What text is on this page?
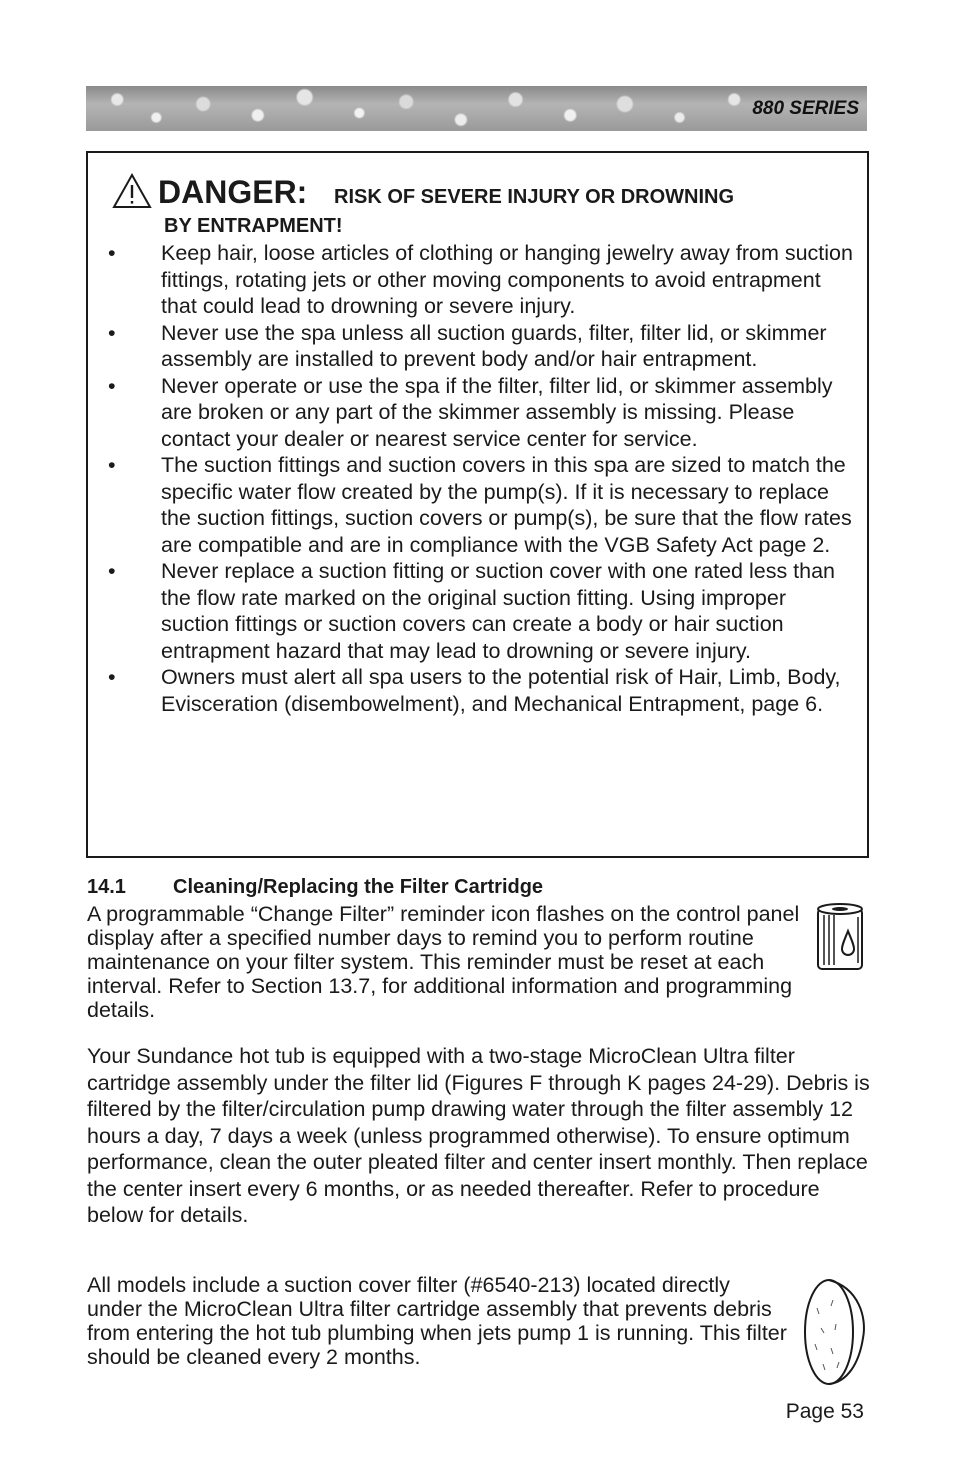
880 SERIES
DANGER: RISK OF SEVERE INJURY OR DROWNING
BY ENTRAPMENT!
• Keep hair, loose articles of clothing or hanging jewelry away from suction fittings, rotating jets or other moving components to avoid entrapment that could lead to drowning or severe injury.
• Never use the spa unless all suction guards, filter, filter lid, or skimmer assembly are installed to prevent body and/or hair entrapment.
• Never operate or use the spa if the filter, filter lid, or skimmer assembly are broken or any part of the skimmer assembly is missing. Please contact your dealer or nearest service center for service.
• The suction fittings and suction covers in this spa are sized to match the specific water flow created by the pump(s). If it is necessary to replace the suction fittings, suction covers or pump(s), be sure that the flow rates are compatible and are in compliance with the VGB Safety Act page 2.
• Never replace a suction fitting or suction cover with one rated less than the flow rate marked on the original suction fitting. Using improper suction fittings or suction covers can create a body or hair suction entrapment hazard that may lead to drowning or severe injury.
• Owners must alert all spa users to the potential risk of Hair, Limb, Body, Evisceration (disembowelment), and Mechanical Entrapment, page 6.
14.1 Cleaning/Replacing the Filter Cartridge

A programmable “Change Filter” reminder icon flashes on the control panel display after a specified number days to remind you to perform routine maintenance on your filter system. This reminder must be reset at each interval. Refer to Section 13.7, for additional information and programming details.

Your Sundance hot tub is equipped with a two-stage MicroClean Ultra filter cartridge assembly under the filter lid (Figures F through K pages 24-29). Debris is filtered by the filter/circulation pump drawing water through the filter assembly 12 hours a day, 7 days a week (unless programmed otherwise). To ensure optimum performance, clean the outer pleated filter and center insert monthly. Then replace the center insert every 6 months, or as needed thereafter. Refer to procedure below for details.

All models include a suction cover filter (#6540-213) located directly under the MicroClean Ultra filter cartridge assembly that prevents debris from entering the hot tub plumbing when jets pump 1 is running. This filter should be cleaned every 2 months.

Page 53
